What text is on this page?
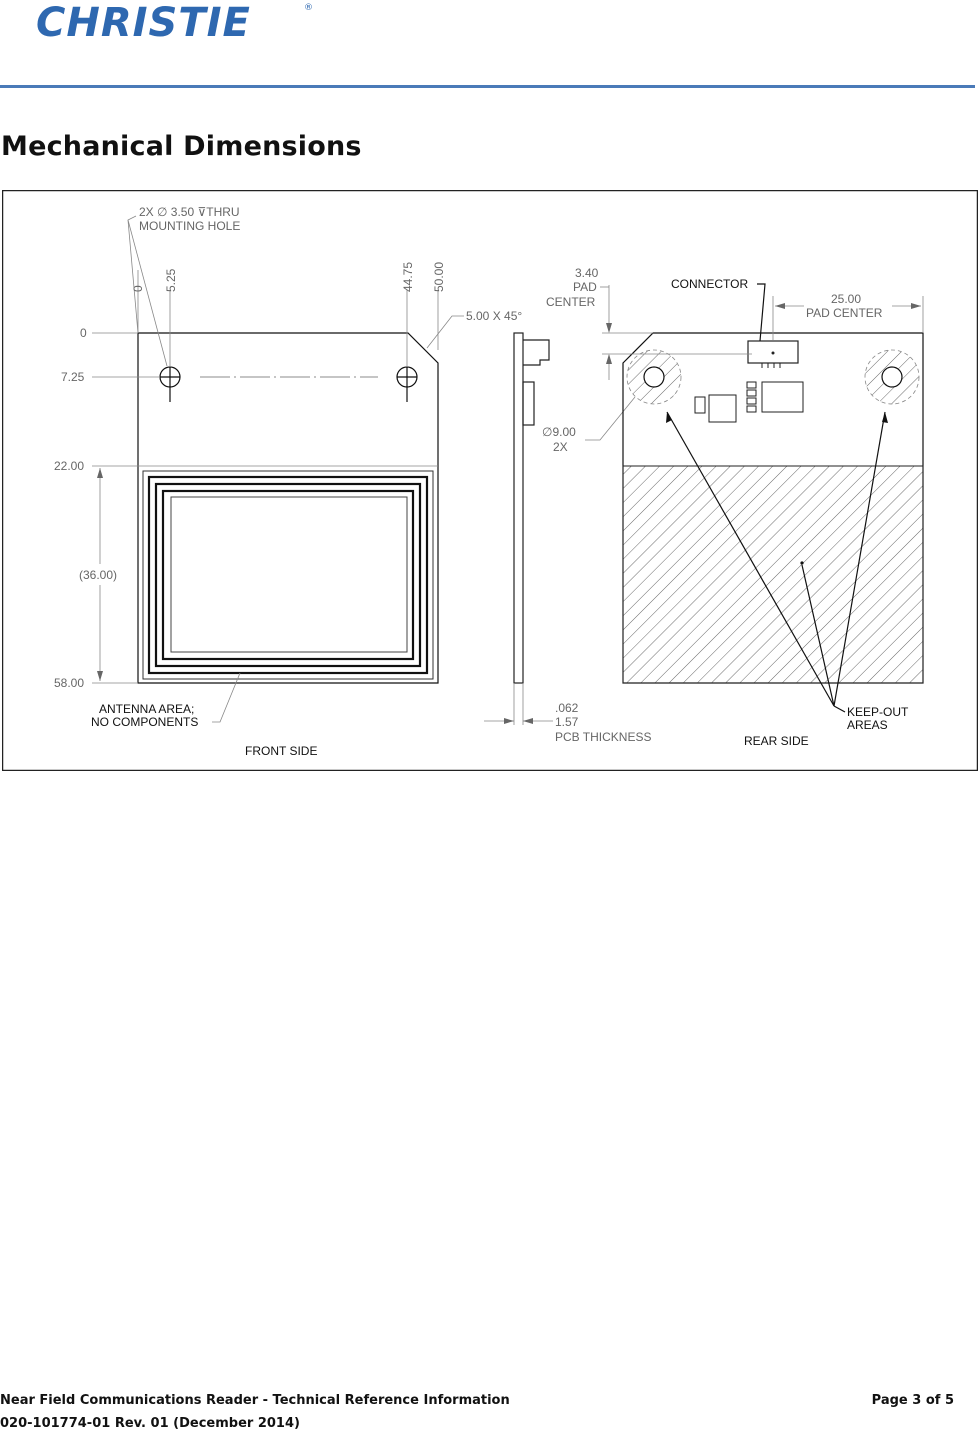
CHRISTIE	®
Mechanical Dimensions
2X ∅ 3.50 ⊽THRU
MOUNTING HOLE
0 5.25	44.75 50.00
5.00 X 45°
0
7.25
22.00
(36.00)
58.00
ANTENNA AREA;
NO COMPONENTS
FRONT SIDE
.062
1.57
PCB THICKNESS
∅9.00
2X
3.40
PAD
CENTER	25.00
PAD CENTER
CONNECTOR
KEEP-OUT
AREAS
REAR SIDE
Near Field Communications Reader - Technical Reference Information
020-101774-01 Rev. 01 (December 2014)
Page 3 of 5
